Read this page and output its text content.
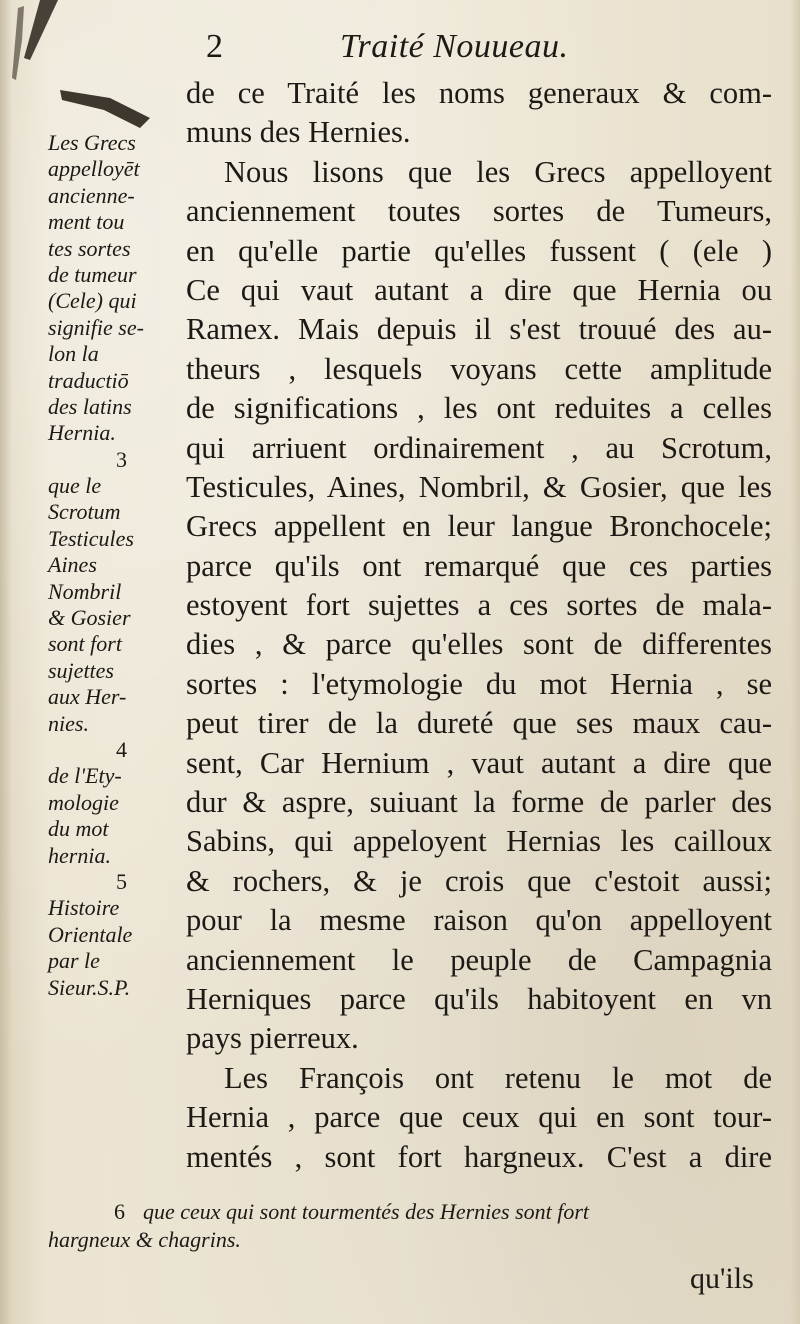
2	Traité Nouueau.
de ce Traité les noms generaux & com-
muns des Hernies.
Nous lisons que les Grecs appelloyent
anciennement toutes sortes de Tumeurs,
en qu'elle partie qu'elles fussent ( (ele )
Ce qui vaut autant a dire que Hernia ou
Ramex. Mais depuis il s'est trouué des au-
theurs , lesquels voyans cette amplitude
de significations , les ont reduites a celles
qui arriuent ordinairement , au Scrotum,
Testicules, Aines, Nombril, & Gosier, que les
Grecs appellent en leur langue Bronchocele;
parce qu'ils ont remarqué que ces parties
estoyent fort sujettes a ces sortes de mala-
dies , & parce qu'elles sont de differentes
sortes : l'etymologie du mot Hernia , se
peut tirer de la dureté que ses maux cau-
sent, Car Hernium , vaut autant a dire que
dur & aspre, suiuant la forme de parler des
Sabins, qui appeloyent Hernias les cailloux
& rochers, & je crois que c'estoit aussi;
pour la mesme raison qu'on appelloyent
anciennement le peuple de Campagnia
Herniques parce qu'ils habitoyent en vn
pays pierreux.
Les François ont retenu le mot de
Hernia , parce que ceux qui en sont tour-
mentés , sont fort hargneux. C'est a dire
Les Grecs
appelloyēt
ancienne-
ment tou
tes sortes
de tumeur
(Cele) qui
signifie se-
lon la
traductiō
des latins
Hernia.
3
que le
Scrotum
Testicules
Aines
Nombril
& Gosier
sont fort
sujettes
aux Her-
nies.
4
de l'Ety-
mologie
du mot
hernia.
5
Histoire
Orientale
par le
Sieur.S.P.
6 que ceux qui sont tourmentés des Hernies sont fort
hargneux & chagrins.
qu'ils
